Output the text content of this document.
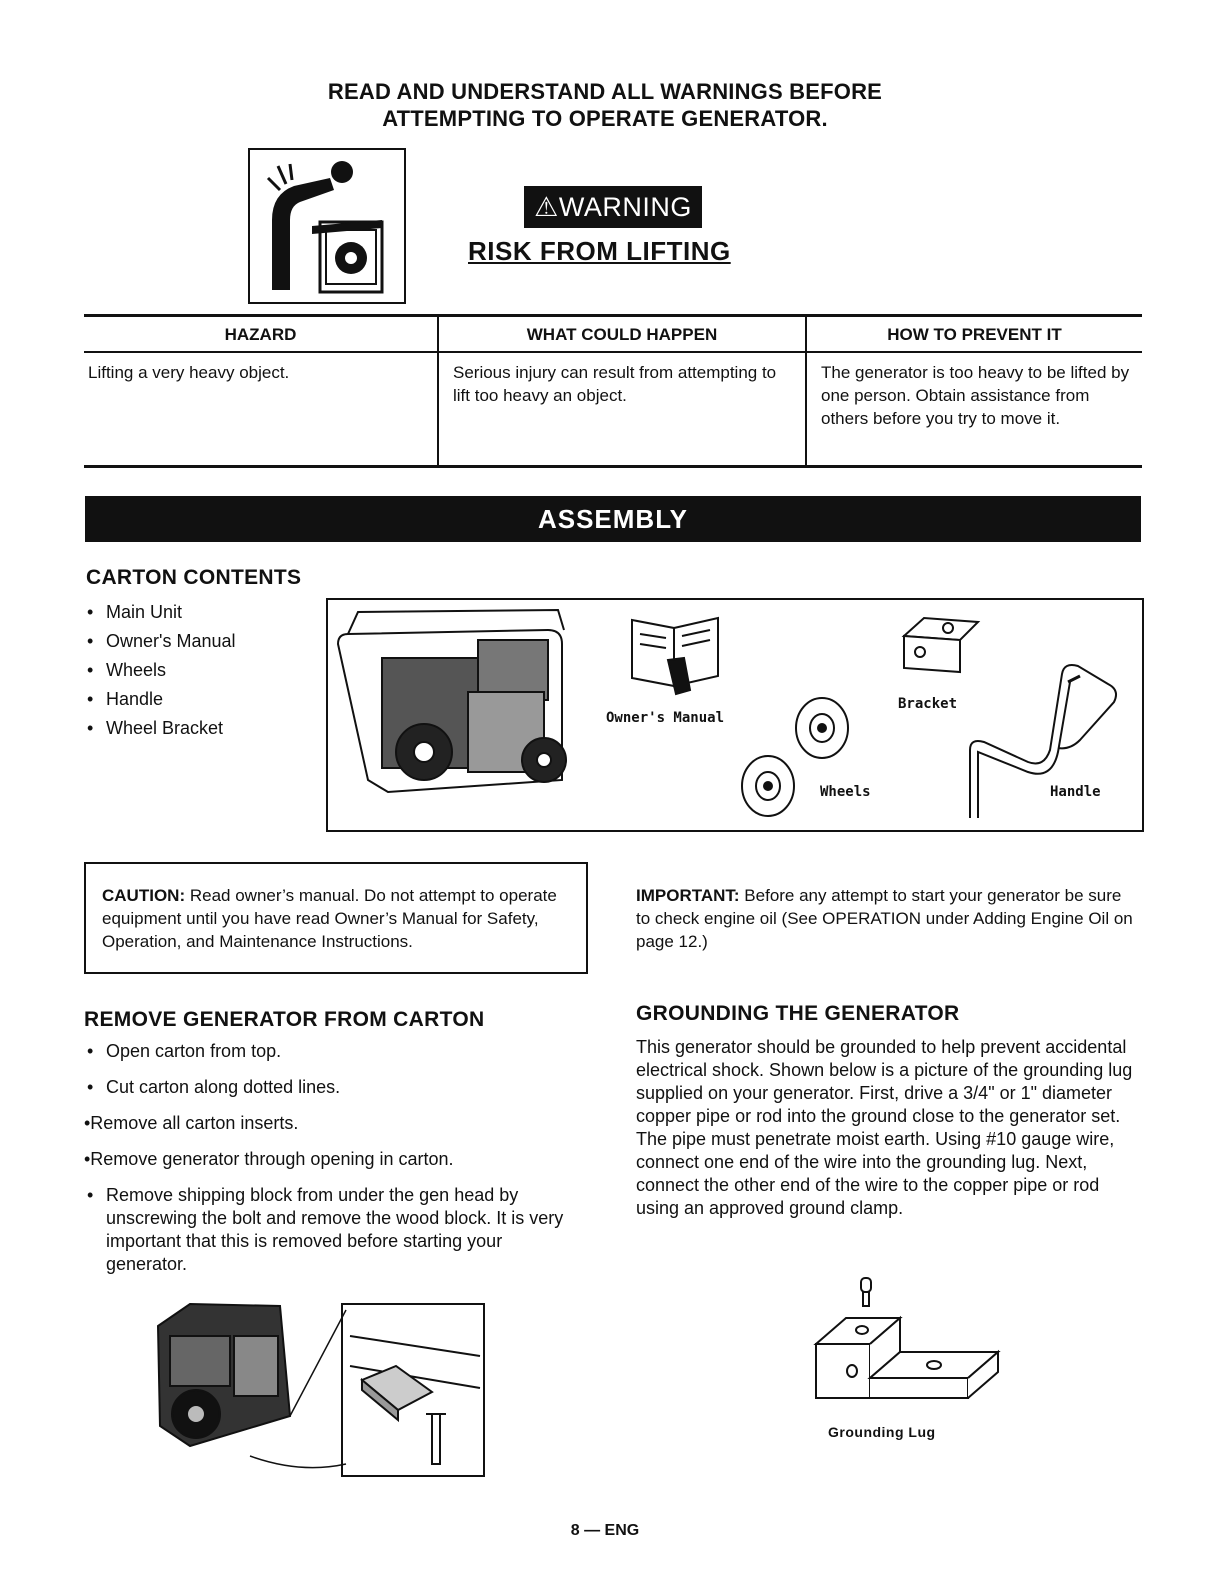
READ AND UNDERSTAND ALL WARNINGS BEFORE
ATTEMPTING TO OPERATE GENERATOR.
⚠WARNING
RISK FROM LIFTING
HAZARD	WHAT COULD HAPPEN	HOW TO PREVENT IT
Lifting a very heavy object.	Serious injury can result from attempting to lift too heavy an object.	The generator is too heavy to be lifted by one person. Obtain assistance from others before you try to move it.
ASSEMBLY
CARTON CONTENTS
• Main Unit
• Owner's Manual
• Wheels
• Handle
• Wheel Bracket	Owner's Manual
Bracket
Wheels	Handle
CAUTION: Read owner’s manual. Do not attempt to operate equipment until you have read Owner’s Manual for Safety, Operation, and Maintenance Instructions.
IMPORTANT: Before any attempt to start your generator be sure to check engine oil (See OPERATION under Adding Engine Oil on page 12.)
REMOVE GENERATOR FROM CARTON
• Open carton from top.
• Cut carton along dotted lines.
•Remove all carton inserts.
•Remove generator through opening in carton.
• Remove shipping block from under the gen head by unscrewing the bolt and remove the wood block. It is very important that this is removed before starting your generator.
GROUNDING THE GENERATOR
This generator should be grounded to help prevent accidental electrical shock. Shown below is a picture of the grounding lug supplied on your generator. First, drive a 3/4" or 1" diameter copper pipe or rod into the ground close to the generator set. The pipe must penetrate moist earth. Using #10 gauge wire, connect one end of the wire into the grounding lug. Next, connect the other end of the wire to the copper pipe or rod using an approved ground clamp.
Grounding Lug
8 — ENG
